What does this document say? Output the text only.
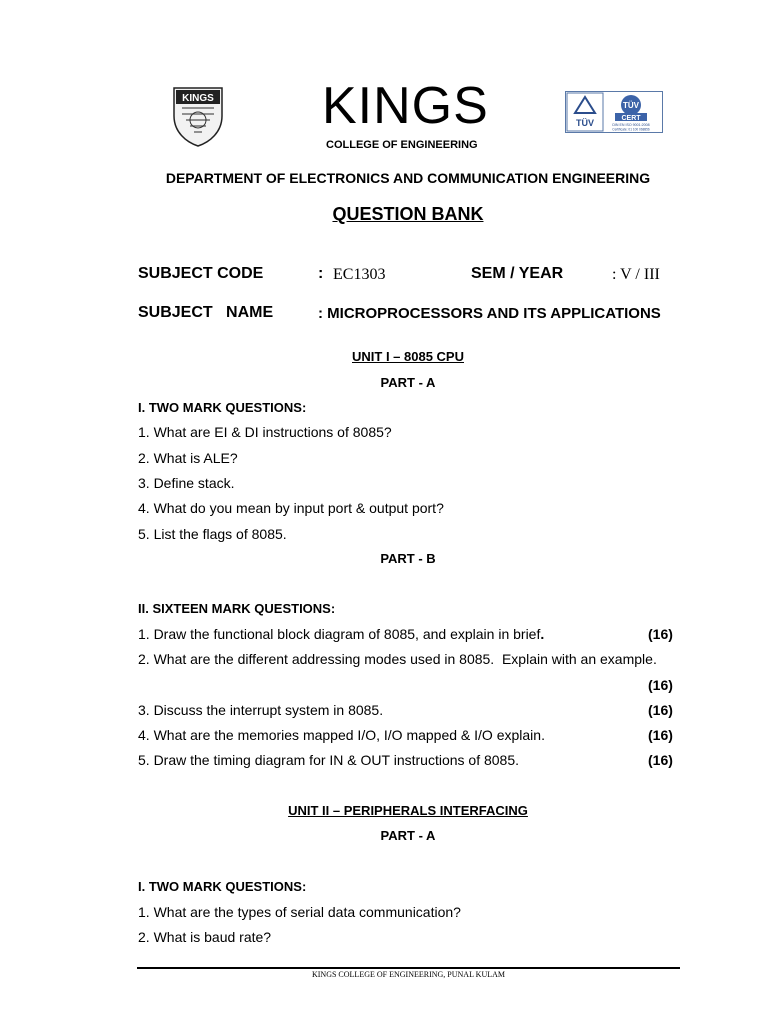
KINGS KINGS
COLLEGE OF ENGINEERING
TÜV
TÜV
CERT
DIN EN ISO 9001:2008
Certificate: 01 100 068856
DEPARTMENT OF ELECTRONICS AND COMMUNICATION ENGINEERING
QUESTION BANK
SUBJECT CODE	: EC1303	SEM / YEAR	: V / III
SUBJECT   NAME	: MICROPROCESSORS AND ITS APPLICATIONS
UNIT I – 8085 CPU
PART - A
I. TWO MARK QUESTIONS:
1. What are EI & DI instructions of 8085?
2. What is ALE?
3. Define stack.
4. What do you mean by input port & output port?
5. List the flags of 8085.
PART - B
II. SIXTEEN MARK QUESTIONS:
1. Draw the functional block diagram of 8085, and explain in brief.	(16)
2. What are the different addressing modes used in 8085.  Explain with an example.
(16)
3. Discuss the interrupt system in 8085.	(16)
4. What are the memories mapped I/O, I/O mapped & I/O explain.	(16)
5. Draw the timing diagram for IN & OUT instructions of 8085.	(16)
UNIT II – PERIPHERALS INTERFACING
PART - A
I. TWO MARK QUESTIONS:
1. What are the types of serial data communication?
2. What is baud rate?
KINGS COLLEGE OF ENGINEERING, PUNAL KULAM
